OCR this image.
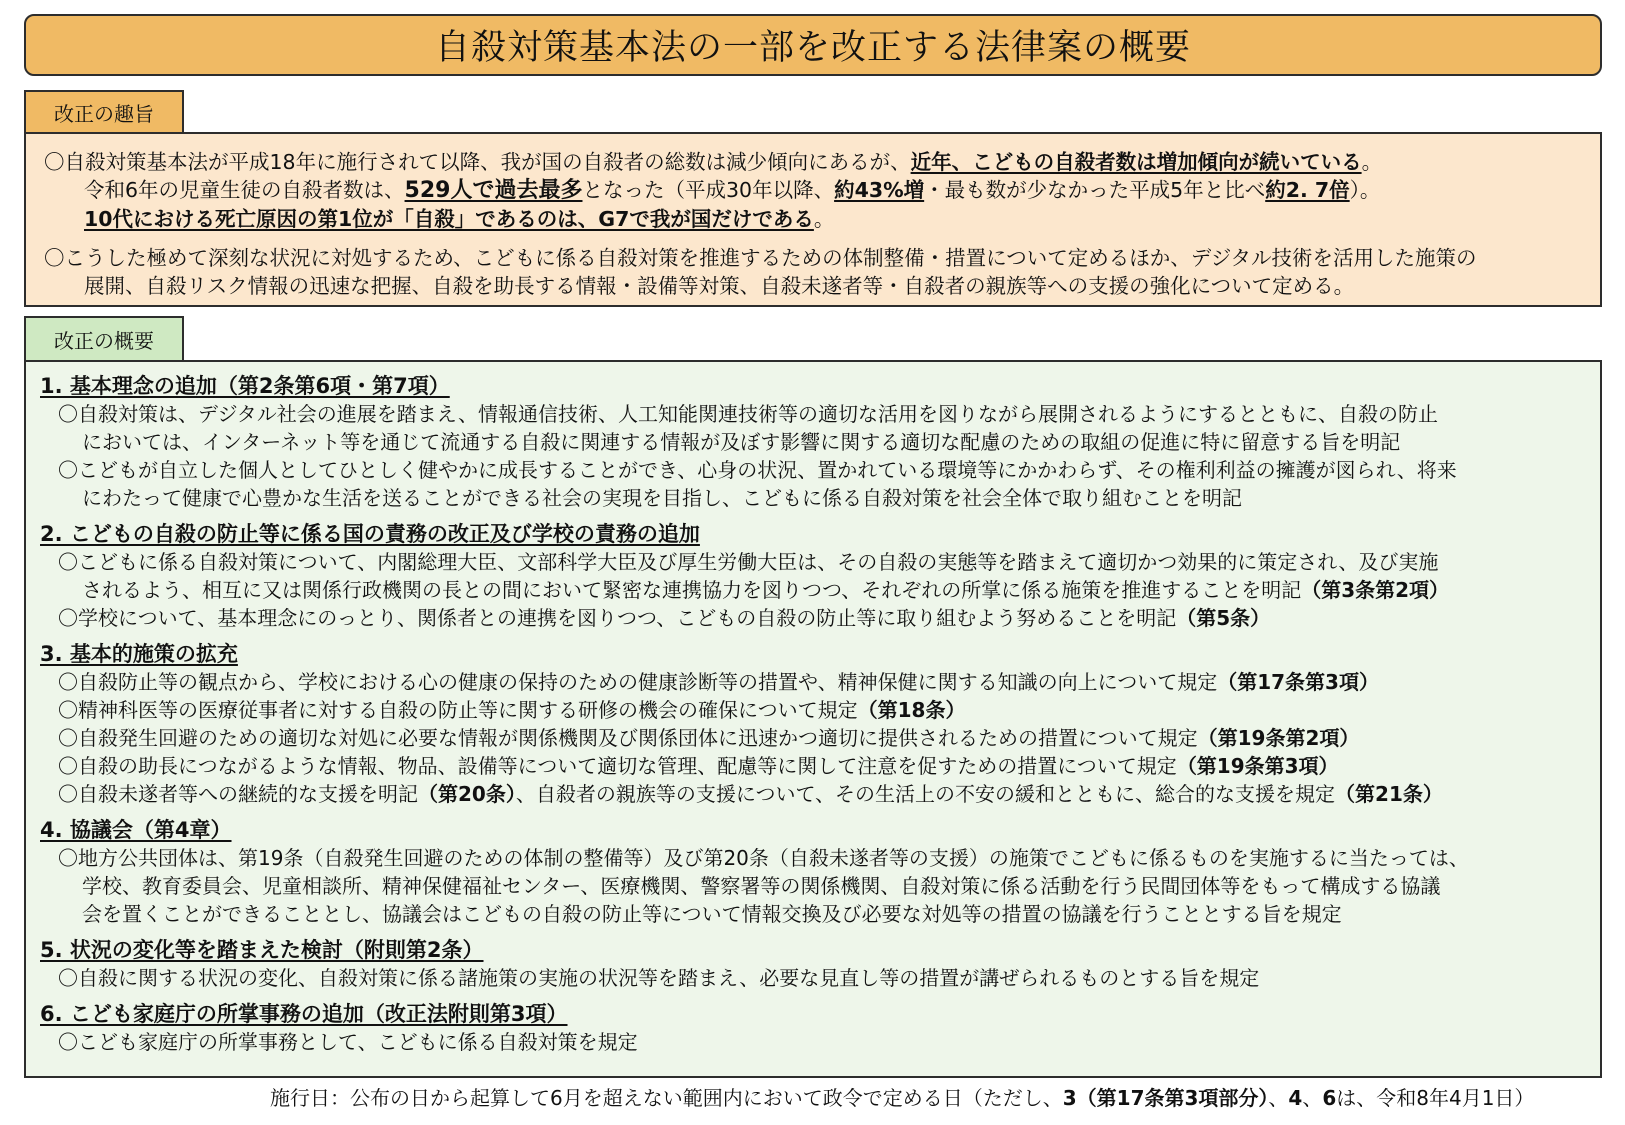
自殺対策基本法の一部を改正する法律案の概要
改正の趣旨
〇自殺対策基本法が平成18年に施行されて以降、我が国の自殺者の総数は減少傾向にあるが、近年、こどもの自殺者数は増加傾向が続いている。
令和6年の児童生徒の自殺者数は、529人で過去最多となった（平成30年以降、約43%増・最も数が少なかった平成5年と比べ約2. 7倍）。
10代における死亡原因の第1位が「自殺」であるのは、G7で我が国だけである。
〇こうした極めて深刻な状況に対処するため、こどもに係る自殺対策を推進するための体制整備・措置について定めるほか、デジタル技術を活用した施策の
展開、自殺リスク情報の迅速な把握、自殺を助長する情報・設備等対策、自殺未遂者等・自殺者の親族等への支援の強化について定める。
改正の概要
1. 基本理念の追加（第2条第6項・第7項）
〇自殺対策は、デジタル社会の進展を踏まえ、情報通信技術、人工知能関連技術等の適切な活用を図りながら展開されるようにするとともに、自殺の防止
においては、インターネット等を通じて流通する自殺に関連する情報が及ぼす影響に関する適切な配慮のための取組の促進に特に留意する旨を明記
〇こどもが自立した個人としてひとしく健やかに成長することができ、心身の状況、置かれている環境等にかかわらず、その権利利益の擁護が図られ、将来
にわたって健康で心豊かな生活を送ることができる社会の実現を目指し、こどもに係る自殺対策を社会全体で取り組むことを明記
2. こどもの自殺の防止等に係る国の責務の改正及び学校の責務の追加
〇こどもに係る自殺対策について、内閣総理大臣、文部科学大臣及び厚生労働大臣は、その自殺の実態等を踏まえて適切かつ効果的に策定され、及び実施
されるよう、相互に又は関係行政機関の長との間において緊密な連携協力を図りつつ、それぞれの所掌に係る施策を推進することを明記（第3条第2項）
〇学校について、基本理念にのっとり、関係者との連携を図りつつ、こどもの自殺の防止等に取り組むよう努めることを明記（第5条）
3. 基本的施策の拡充
〇自殺防止等の観点から、学校における心の健康の保持のための健康診断等の措置や、精神保健に関する知識の向上について規定（第17条第3項）
〇精神科医等の医療従事者に対する自殺の防止等に関する研修の機会の確保について規定（第18条）
〇自殺発生回避のための適切な対処に必要な情報が関係機関及び関係団体に迅速かつ適切に提供されるための措置について規定（第19条第2項）
〇自殺の助長につながるような情報、物品、設備等について適切な管理、配慮等に関して注意を促すための措置について規定（第19条第3項）
〇自殺未遂者等への継続的な支援を明記（第20条）、自殺者の親族等の支援について、その生活上の不安の緩和とともに、総合的な支援を規定（第21条）
4. 協議会（第4章）
〇地方公共団体は、第19条（自殺発生回避のための体制の整備等）及び第20条（自殺未遂者等の支援）の施策でこどもに係るものを実施するに当たっては、
学校、教育委員会、児童相談所、精神保健福祉センター、医療機関、警察署等の関係機関、自殺対策に係る活動を行う民間団体等をもって構成する協議
会を置くことができることとし、協議会はこどもの自殺の防止等について情報交換及び必要な対処等の措置の協議を行うこととする旨を規定
5. 状況の変化等を踏まえた検討（附則第2条）
〇自殺に関する状況の変化、自殺対策に係る諸施策の実施の状況等を踏まえ、必要な見直し等の措置が講ぜられるものとする旨を規定
6. こども家庭庁の所掌事務の追加（改正法附則第3項）
〇こども家庭庁の所掌事務として、こどもに係る自殺対策を規定
施行日：公布の日から起算して6月を超えない範囲内において政令で定める日（ただし、3（第17条第3項部分）、4、6は、令和8年4月1日）
